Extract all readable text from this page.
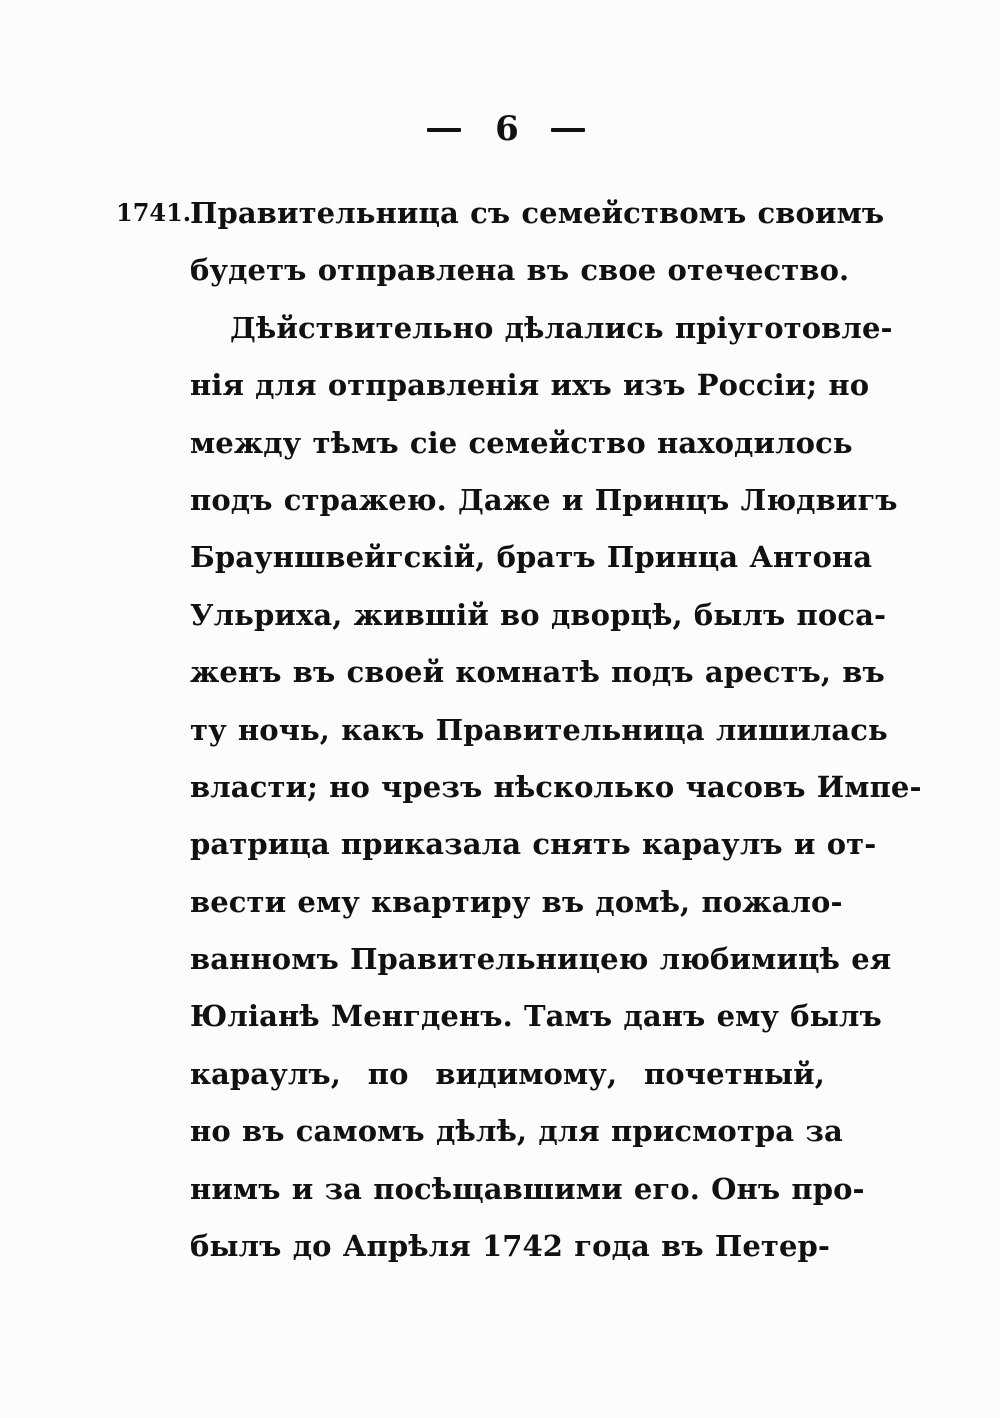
6
1741.
Правительница съ семействомъ своимъ
будетъ отправлена въ свое отечество.
Дѣйствительно дѣлались пріуготовле-
нія для отправленія ихъ изъ Россіи; но
между тѣмъ сіе семейство находилось
подъ стражею. Даже и Принцъ Людвигъ
Брауншвейгскій, братъ Принца Антона
Ульриха, жившій во дворцѣ, былъ поса-
женъ въ своей комнатѣ подъ арестъ, въ
ту ночь, какъ Правительница лишилась
власти; но чрезъ нѣсколько часовъ Импе-
ратрица приказала снять караулъ и от-
вести ему квартиру въ домѣ, пожало-
ванномъ Правительницею любимицѣ ея
Юліанѣ Менгденъ. Тамъ данъ ему былъ
караулъ, по видимому, почетный,
но въ самомъ дѣлѣ, для присмотра за
нимъ и за посѣщавшими его. Онъ про-
былъ до Апрѣля 1742 года въ Петер-
